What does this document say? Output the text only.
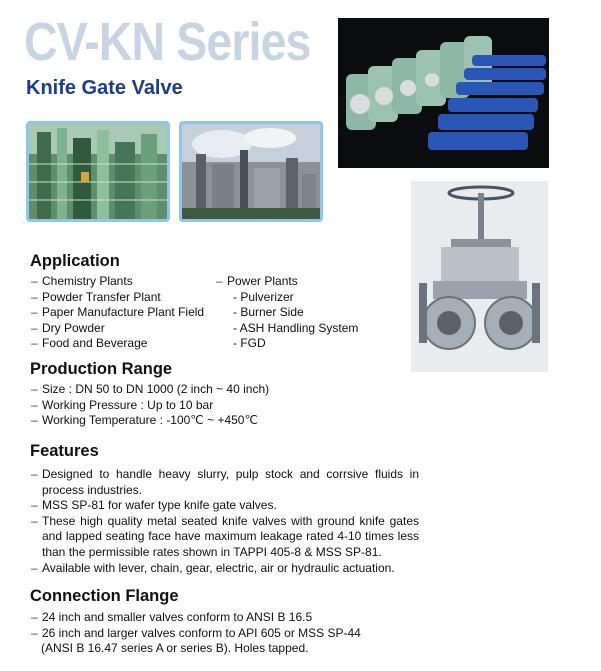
CV-KN Series
Knife Gate Valve
Application
– Chemistry Plants
– Powder Transfer Plant
– Paper Manufacture Plant Field
– Dry Powder
– Food and Beverage
– Power Plants
- Pulverizer
- Burner Side
- ASH Handling System
- FGD
Production Range
– Size : DN 50 to DN 1000 (2 inch ~ 40 inch)
– Working Pressure : Up to 10 bar
– Working Temperature : -100℃ ~ +450℃
Features
– Designed to handle heavy slurry, pulp stock and corrsive fluids in process industries.
– MSS SP-81 for wafer type knife gate valves.
– These high quality metal seated knife valves with ground knife gates and lapped seating face have maximum leakage rated 4-10 times less than the permissible rates shown in TAPPI 405-8 & MSS SP-81.
– Available with lever, chain, gear, electric, air or hydraulic actuation.
Connection Flange
– 24 inch and smaller valves conform to ANSI B 16.5
– 26 inch and larger valves conform to API 605 or MSS SP-44
(ANSI B 16.47 series A or series B). Holes tapped.
